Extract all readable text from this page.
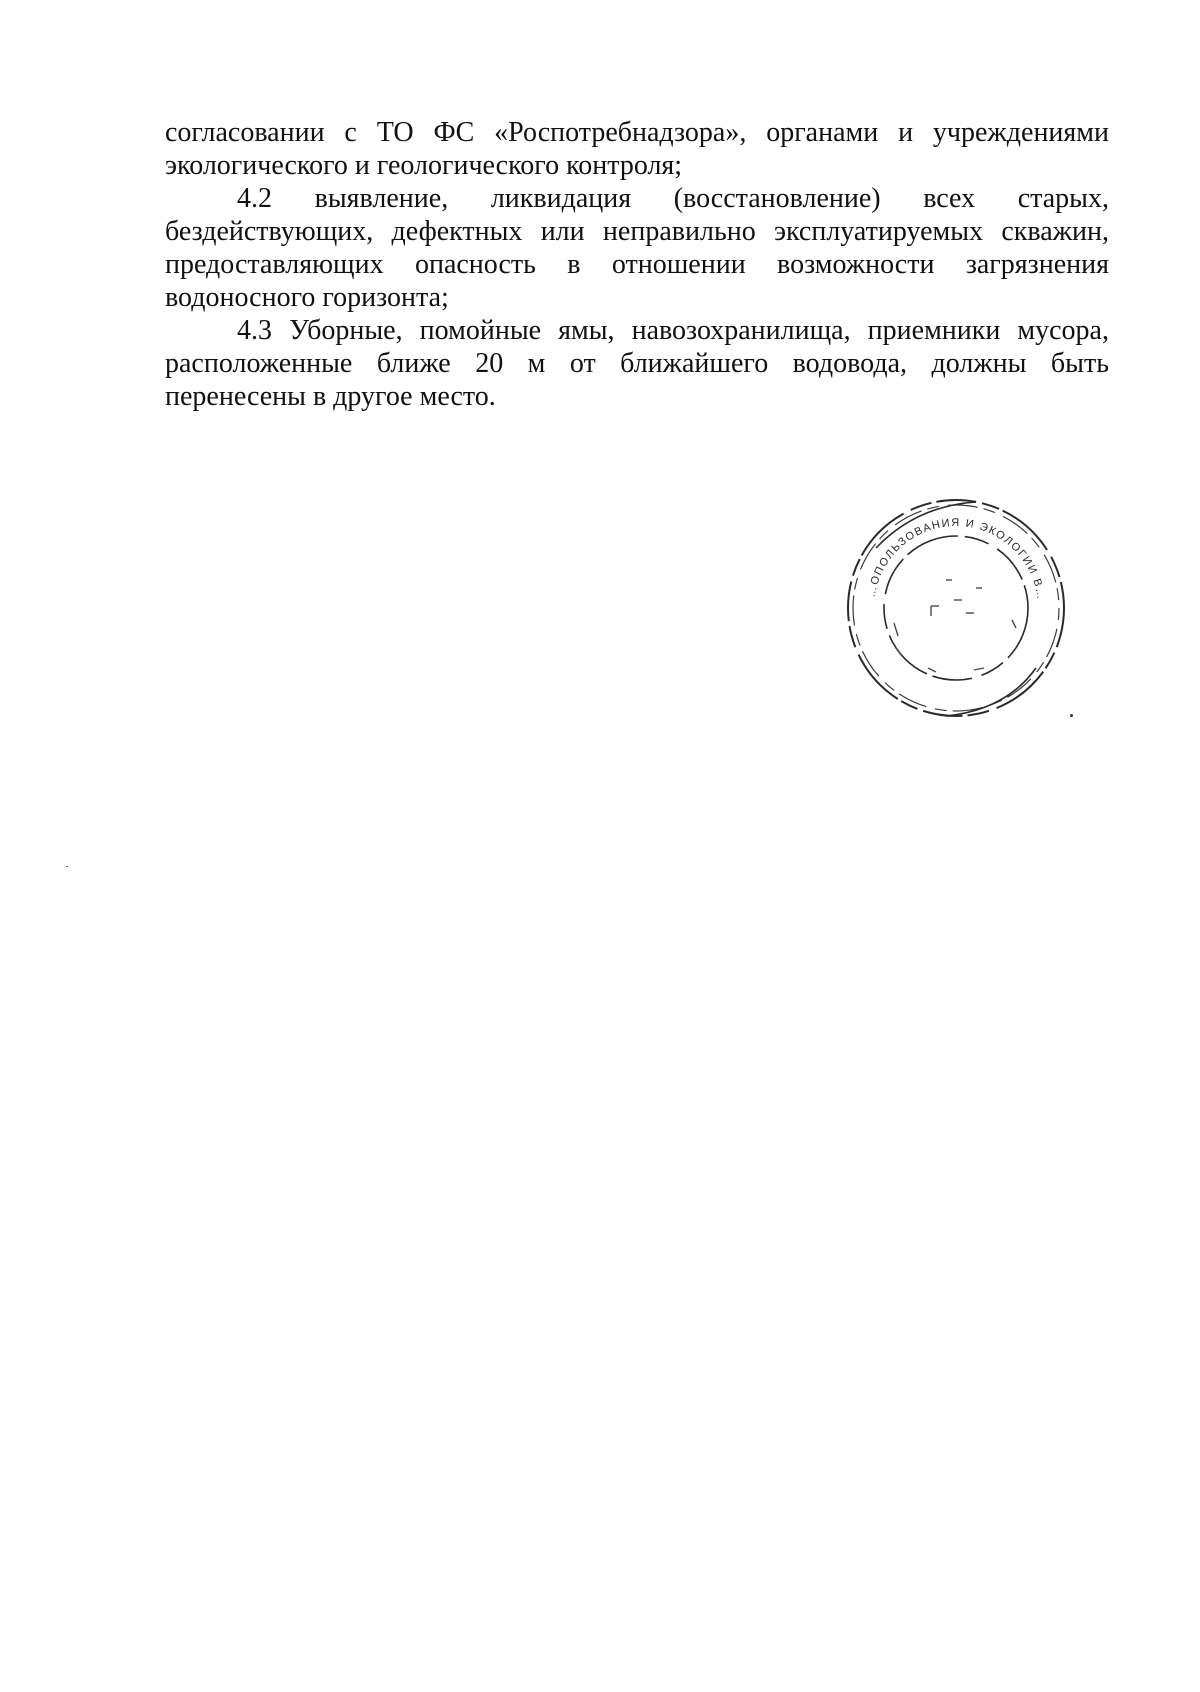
согласовании с ТО ФС «Роспотребнадзора», органами и учреждениями экологического и геологического контроля;

4.2 выявление, ликвидация (восстановление) всех старых, бездействующих, дефектных или неправильно эксплуатируемых скважин, предоставляющих опасность в отношении возможности загрязнения водоносного горизонта;

4.3 Уборные, помойные ямы, навозохранилища, приемники мусора, расположенные ближе 20 м от ближайшего водовода, должны быть перенесены в другое место.

…ОПОЛЬЗОВАНИЯ И ЭКОЛОГИИ В…
